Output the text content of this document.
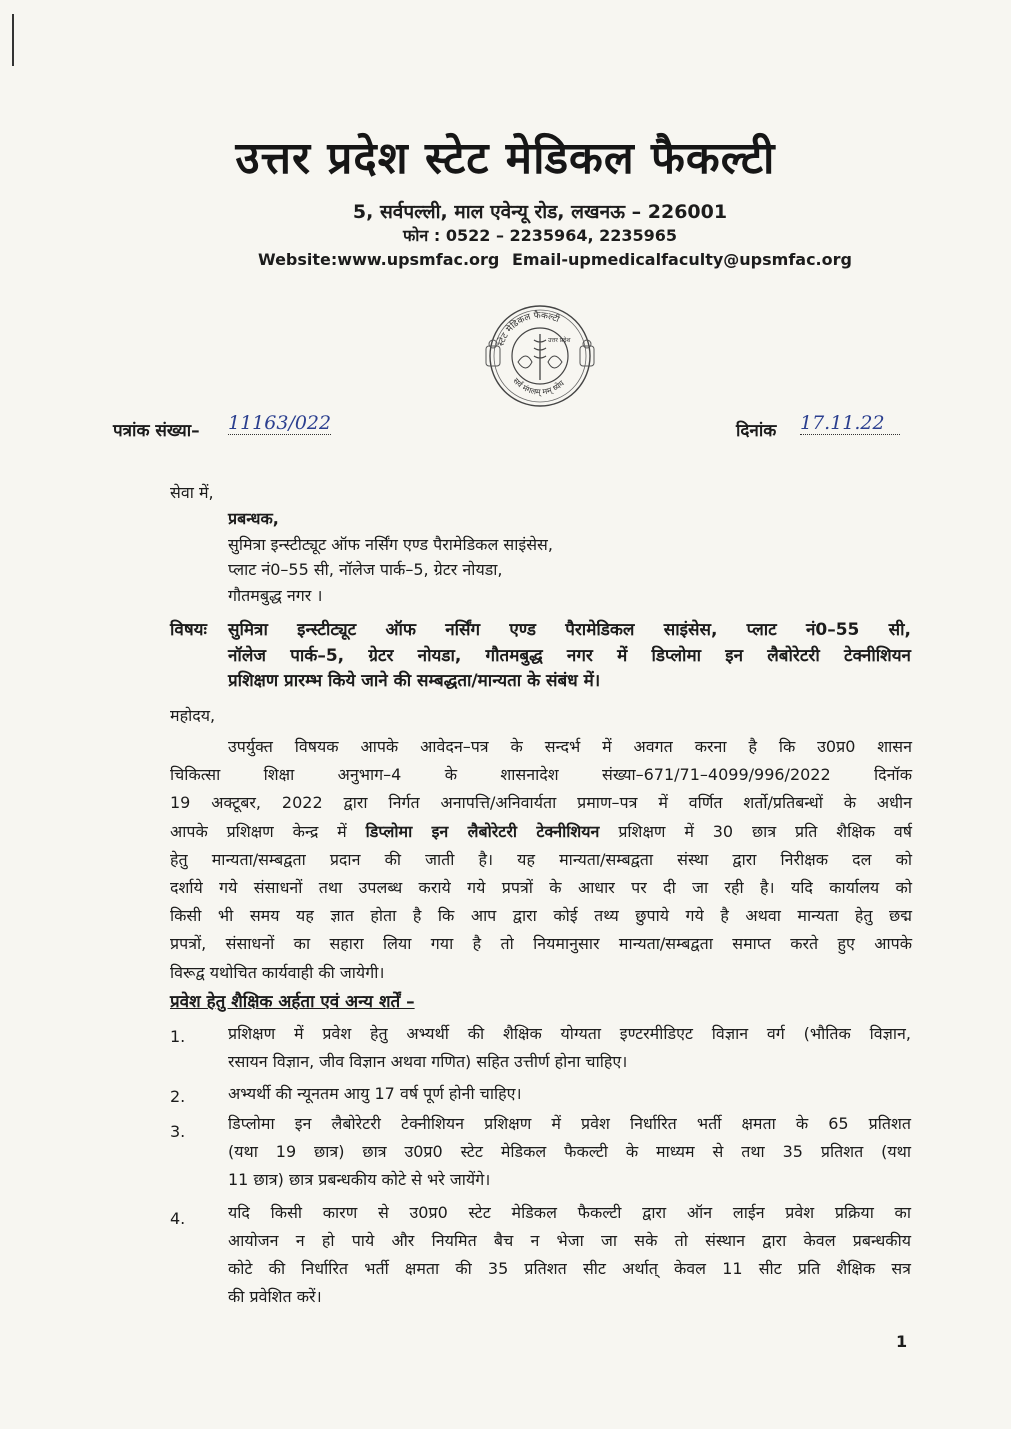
उत्तर प्रदेश स्टेट मेडिकल फैकल्टी
5, सर्वपल्ली, माल एवेन्यू रोड, लखनऊ – 226001
फोन : 0522 – 2235964, 2235965
Website:www.upsmfac.org Email-upmedicalfaculty@upsmfac.org
स्टेट मेडिकल फैकल्टी
सर्व मंगलम् मम् ध्येय
उत्तर प्रदेश
पत्रांक संख्या– 11163/022	दिनांक 17.11.22
सेवा में,
प्रबन्धक,
सुमित्रा इन्स्टीट्यूट ऑफ नर्सिंग एण्ड पैरामेडिकल साइंसेस,
प्लाट नं0–55 सी, नॉलेज पार्क–5, ग्रेटर नोयडा,
गौतमबुद्ध नगर ।
विषयः सुमित्रा इन्स्टीट्यूट ऑफ नर्सिंग एण्ड पैरामेडिकल साइंसेस, प्लाट नं0–55 सी,
नॉलेज पार्क–5, ग्रेटर नोयडा, गौतमबुद्ध नगर में डिप्लोमा इन लैबोरेटरी टेक्नीशियन
प्रशिक्षण प्रारम्भ किये जाने की सम्बद्धता/मान्यता के संबंध में।
महोदय,
उपर्युक्त विषयक आपके आवेदन–पत्र के सन्दर्भ में अवगत करना है कि उ0प्र0 शासन
चिकित्सा शिक्षा अनुभाग–4 के शासनादेश संख्या–671/71–4099/996/2022 दिनॉक
19 अक्टूबर, 2022 द्वारा निर्गत अनापत्ति/अनिवार्यता प्रमाण–पत्र में वर्णित शर्तो/प्रतिबन्धों के अधीन
आपके प्रशिक्षण केन्द्र में डिप्लोमा इन लैबोरेटरी टेक्नीशियन प्रशिक्षण में 30 छात्र प्रति शैक्षिक वर्ष
हेतु मान्यता/सम्बद्वता प्रदान की जाती है। यह मान्यता/सम्बद्वता संस्था द्वारा निरीक्षक दल को
दर्शाये गये संसाधनों तथा उपलब्ध कराये गये प्रपत्रों के आधार पर दी जा रही है। यदि कार्यालय को
किसी भी समय यह ज्ञात होता है कि आप द्वारा कोई तथ्य छुपाये गये है अथवा मान्यता हेतु छद्म
प्रपत्रों, संसाधनों का सहारा लिया गया है तो नियमानुसार मान्यता/सम्बद्वता समाप्त करते हुए आपके
विरूद्व यथोचित कार्यवाही की जायेगी।
प्रवेश हेतु शैक्षिक अर्हता एवं अन्य शर्तें –
1.	प्रशिक्षण में प्रवेश हेतु अभ्यर्थी की शैक्षिक योग्यता इण्टरमीडिएट विज्ञान वर्ग (भौतिक विज्ञान,
रसायन विज्ञान, जीव विज्ञान अथवा गणित) सहित उत्तीर्ण होना चाहिए।
2.	अभ्यर्थी की न्यूनतम आयु 17 वर्ष पूर्ण होनी चाहिए।
3.	डिप्लोमा इन लैबोरेटरी टेक्नीशियन प्रशिक्षण में प्रवेश निर्धारित भर्ती क्षमता के 65 प्रतिशत
(यथा 19 छात्र) छात्र उ0प्र0 स्टेट मेडिकल फैकल्टी के माध्यम से तथा 35 प्रतिशत (यथा
11 छात्र) छात्र प्रबन्धकीय कोटे से भरे जायेंगे।
4.	यदि किसी कारण से उ0प्र0 स्टेट मेडिकल फैकल्टी द्वारा ऑन लाईन प्रवेश प्रक्रिया का
आयोजन न हो पाये और नियमित बैच न भेजा जा सके तो संस्थान द्वारा केवल प्रबन्धकीय
कोटे की निर्धारित भर्ती क्षमता की 35 प्रतिशत सीट अर्थात् केवल 11 सीट प्रति शैक्षिक सत्र
की प्रवेशित करें।
1
